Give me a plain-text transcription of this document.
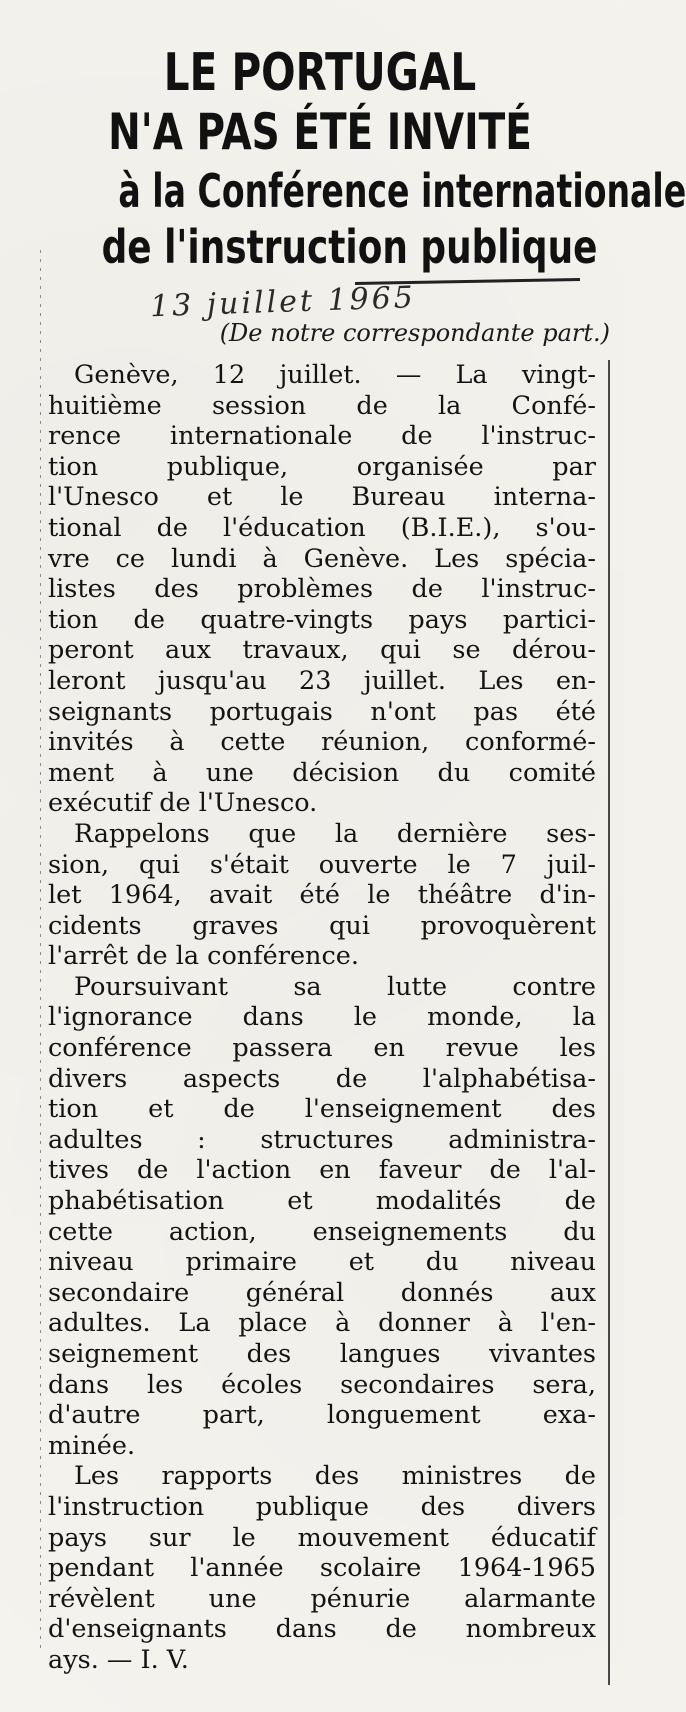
LE PORTUGAL
N'A PAS ÉTÉ INVITÉ
à la Conférence internationale
de l'instruction publique
13 juillet 1965
(De notre correspondante part.)
Genève, 12 juillet. — La vingt-
huitième session de la Confé-
rence internationale de l'instruc-
tion publique, organisée par
l'Unesco et le Bureau interna-
tional de l'éducation (B.I.E.), s'ou-
vre ce lundi à Genève. Les spécia-
listes des problèmes de l'instruc-
tion de quatre-vingts pays partici-
peront aux travaux, qui se dérou-
leront jusqu'au 23 juillet. Les en-
seignants portugais n'ont pas été
invités à cette réunion, conformé-
ment à une décision du comité
exécutif de l'Unesco.
Rappelons que la dernière ses-
sion, qui s'était ouverte le 7 juil-
let 1964, avait été le théâtre d'in-
cidents graves qui provoquèrent
l'arrêt de la conférence.
Poursuivant sa lutte contre
l'ignorance dans le monde, la
conférence passera en revue les
divers aspects de l'alphabétisa-
tion et de l'enseignement des
adultes : structures administra-
tives de l'action en faveur de l'al-
phabétisation et modalités de
cette action, enseignements du
niveau primaire et du niveau
secondaire général donnés aux
adultes. La place à donner à l'en-
seignement des langues vivantes
dans les écoles secondaires sera,
d'autre part, longuement exa-
minée.
Les rapports des ministres de
l'instruction publique des divers
pays sur le mouvement éducatif
pendant l'année scolaire 1964-1965
révèlent une pénurie alarmante
d'enseignants dans de nombreux
ays. — I. V.
